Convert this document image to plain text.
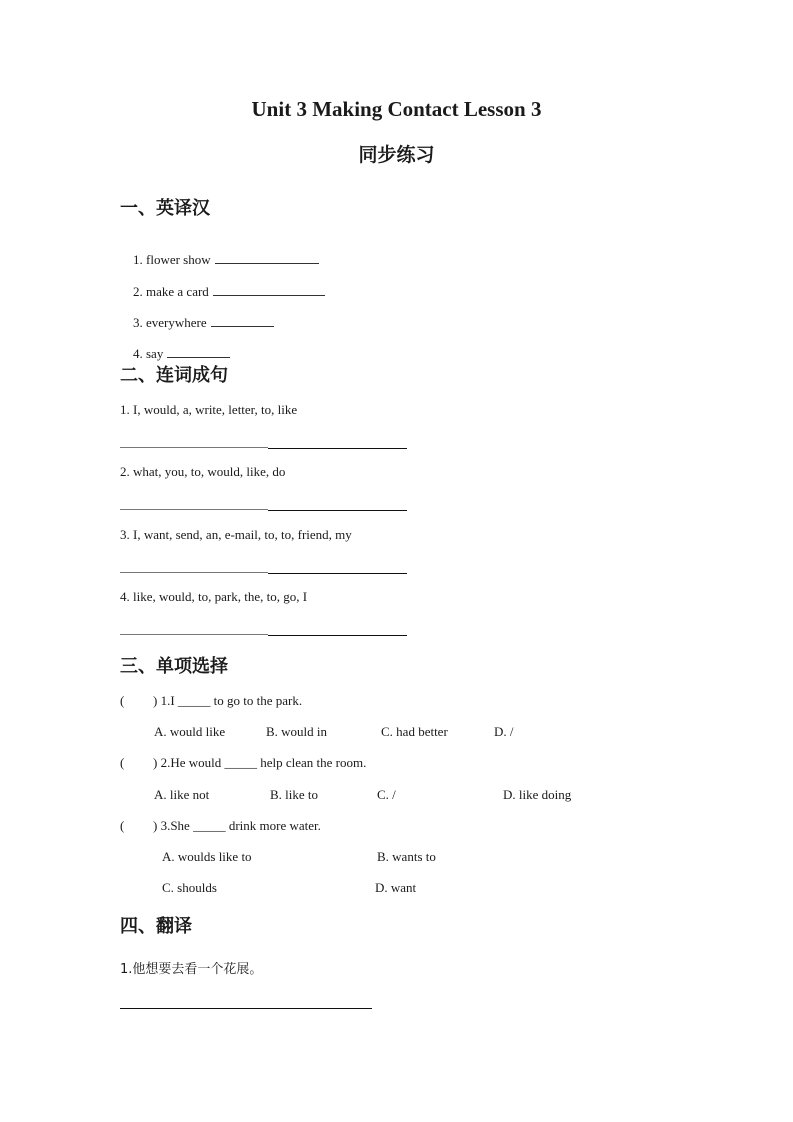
Unit 3 Making Contact Lesson 3
同步练习
一、英译汉

1. flower show

2. make a card

3. everywhere

4. say

二、连词成句
1. I, would, a, write, letter, to, like
2. what, you, to, would, like, do
3. I, want, send, an, e-mail, to, to, friend, my
4. like, would, to, park, the, to, go, I
三、单项选择
( ) 1.I _____ to go to the park.
A. would like	B. would in	C. had better	D. /
( ) 2.He would _____ help clean the room.
A. like not	B. like to	C. /	D. like doing
( ) 3.She _____ drink more water.
A. woulds like to	B. wants to
C. shoulds	D. want
四、翻译
1.他想要去看一个花展。
